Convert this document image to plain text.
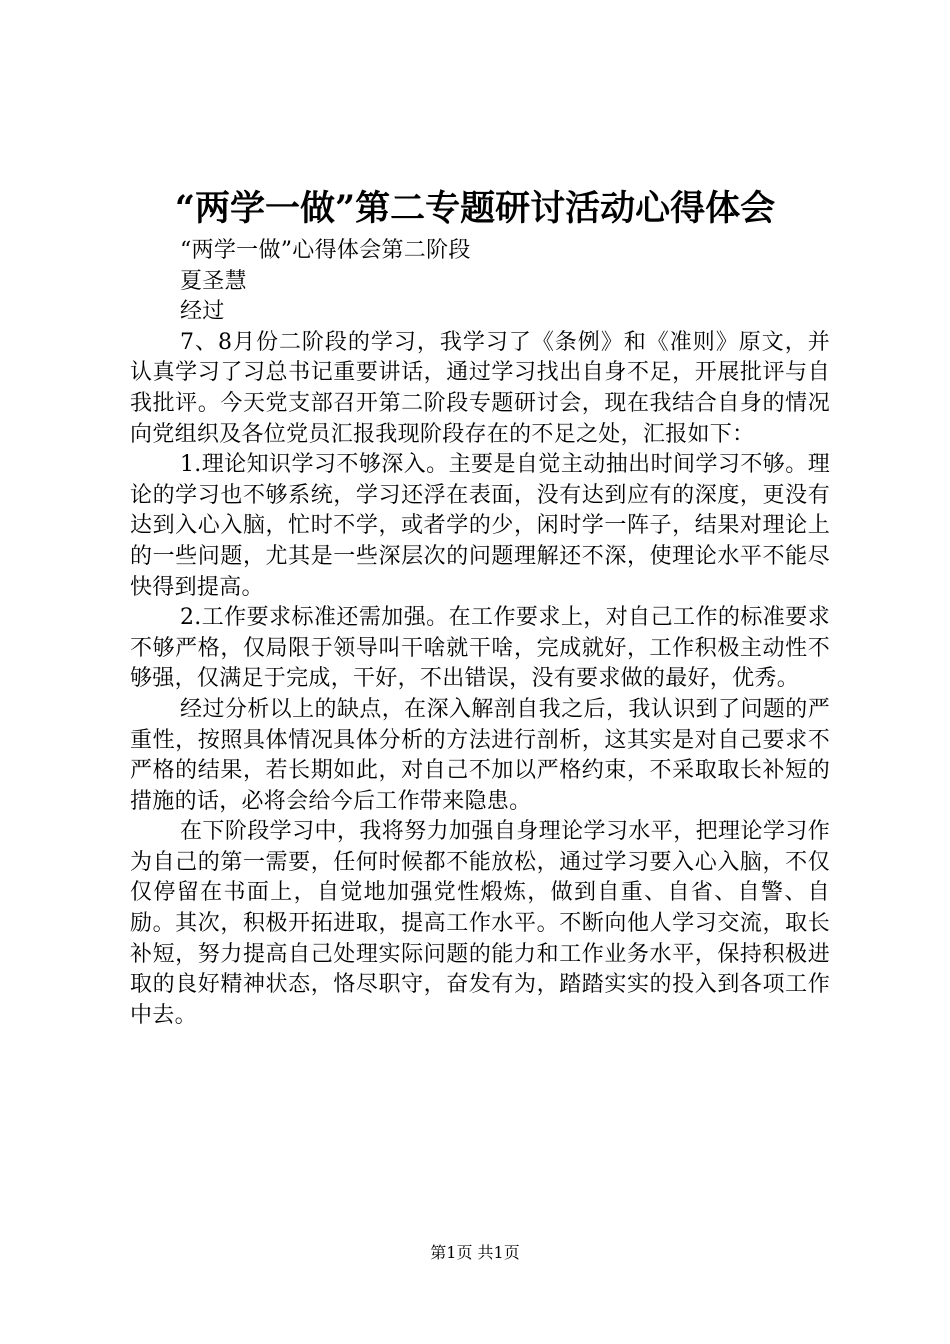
“两学一做”第二专题研讨活动心得体会

“两学一做”心得体会第二阶段

夏圣慧

经过

7、8月份二阶段的学习，我学习了《条例》和《准则》原文，并认真学习了习总书记重要讲话，通过学习找出自身不足，开展批评与自我批评。今天党支部召开第二阶段专题研讨会，现在我结合自身的情况向党组织及各位党员汇报我现阶段存在的不足之处，汇报如下：

1.理论知识学习不够深入。主要是自觉主动抽出时间学习不够。理论的学习也不够系统，学习还浮在表面，没有达到应有的深度，更没有达到入心入脑，忙时不学，或者学的少，闲时学一阵子，结果对理论上的一些问题，尤其是一些深层次的问题理解还不深，使理论水平不能尽快得到提高。

2.工作要求标准还需加强。在工作要求上，对自己工作的标准要求不够严格，仅局限于领导叫干啥就干啥，完成就好，工作积极主动性不够强，仅满足于完成，干好，不出错误，没有要求做的最好，优秀。

经过分析以上的缺点，在深入解剖自我之后，我认识到了问题的严重性，按照具体情况具体分析的方法进行剖析，这其实是对自己要求不严格的结果，若长期如此，对自己不加以严格约束，不采取取长补短的措施的话，必将会给今后工作带来隐患。

在下阶段学习中，我将努力加强自身理论学习水平，把理论学习作为自己的第一需要，任何时候都不能放松，通过学习要入心入脑，不仅仅停留在书面上，自觉地加强党性煅炼，做到自重、自省、自警、自励。其次，积极开拓进取，提高工作水平。不断向他人学习交流，取长补短，努力提高自己处理实际问题的能力和工作业务水平，保持积极进取的良好精神状态，恪尽职守，奋发有为，踏踏实实的投入到各项工作中去。

第1页 共1页
